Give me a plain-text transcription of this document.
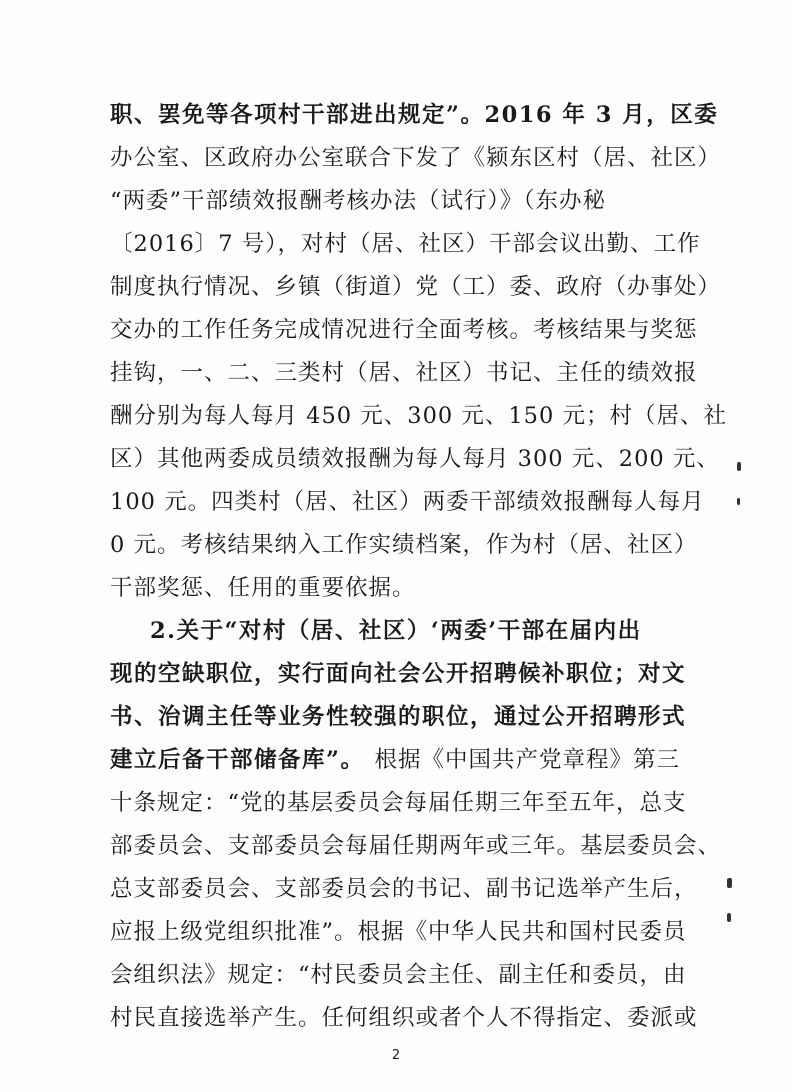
职、罢免等各项村干部进出规定”。2016 年 3 月，区委
办公室、区政府办公室联合下发了《颍东区村（居、社区）
“两委”干部绩效报酬考核办法（试行）》（东办秘
〔2016〕7 号），对村（居、社区）干部会议出勤、工作
制度执行情况、乡镇（街道）党（工）委、政府（办事处）
交办的工作任务完成情况进行全面考核。考核结果与奖惩
挂钩，一、二、三类村（居、社区）书记、主任的绩效报
酬分别为每人每月 450 元、300 元、150 元；村（居、社
区）其他两委成员绩效报酬为每人每月 300 元、200 元、
100 元。四类村（居、社区）两委干部绩效报酬每人每月
0 元。考核结果纳入工作实绩档案，作为村（居、社区）
干部奖惩、任用的重要依据。
2.关于“对村（居、社区）‘两委’干部在届内出
现的空缺职位，实行面向社会公开招聘候补职位；对文
书、治调主任等业务性较强的职位，通过公开招聘形式
建立后备干部储备库”。 根据《中国共产党章程》第三
十条规定：“党的基层委员会每届任期三年至五年，总支
部委员会、支部委员会每届任期两年或三年。基层委员会、
总支部委员会、支部委员会的书记、副书记选举产生后，
应报上级党组织批准”。根据《中华人民共和国村民委员
会组织法》规定：“村民委员会主任、副主任和委员，由
村民直接选举产生。任何组织或者个人不得指定、委派或
2
